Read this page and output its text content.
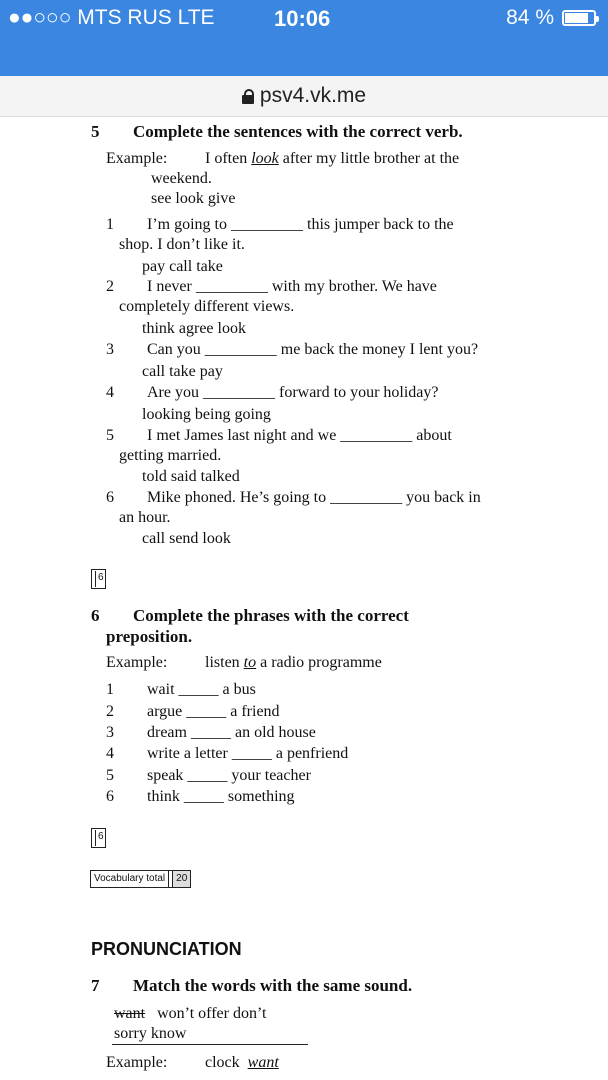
●●○○○ MTS RUS LTE	10:06	84 %
psv4.vk.me
5 Complete the sentences with the correct verb.
Example: I often look after my little brother at the
weekend.
see look give
1 I’m going to _________ this jumper back to the
shop. I don’t like it.
pay call take
2 I never _________ with my brother. We have
completely different views.
think agree look
3 Can you _________ me back the money I lent you?
call take pay
4 Are you _________ forward to your holiday?
looking being going
5 I met James last night and we _________ about
getting married.
told said talked
6 Mike phoned. He’s going to _________ you back in
an hour.
call send look
6
6 Complete the phrases with the correct
preposition.
Example: listen to a radio programme
1 wait _____ a bus
2 argue _____ a friend
3 dream _____ an old house
4 write a letter _____ a penfriend
5 speak _____ your teacher
6 think _____ something
6
Vocabulary total	20
PRONUNCIATION
7 Match the words with the same sound.
want won’t offer don’t
sorry know
Example: clock want
